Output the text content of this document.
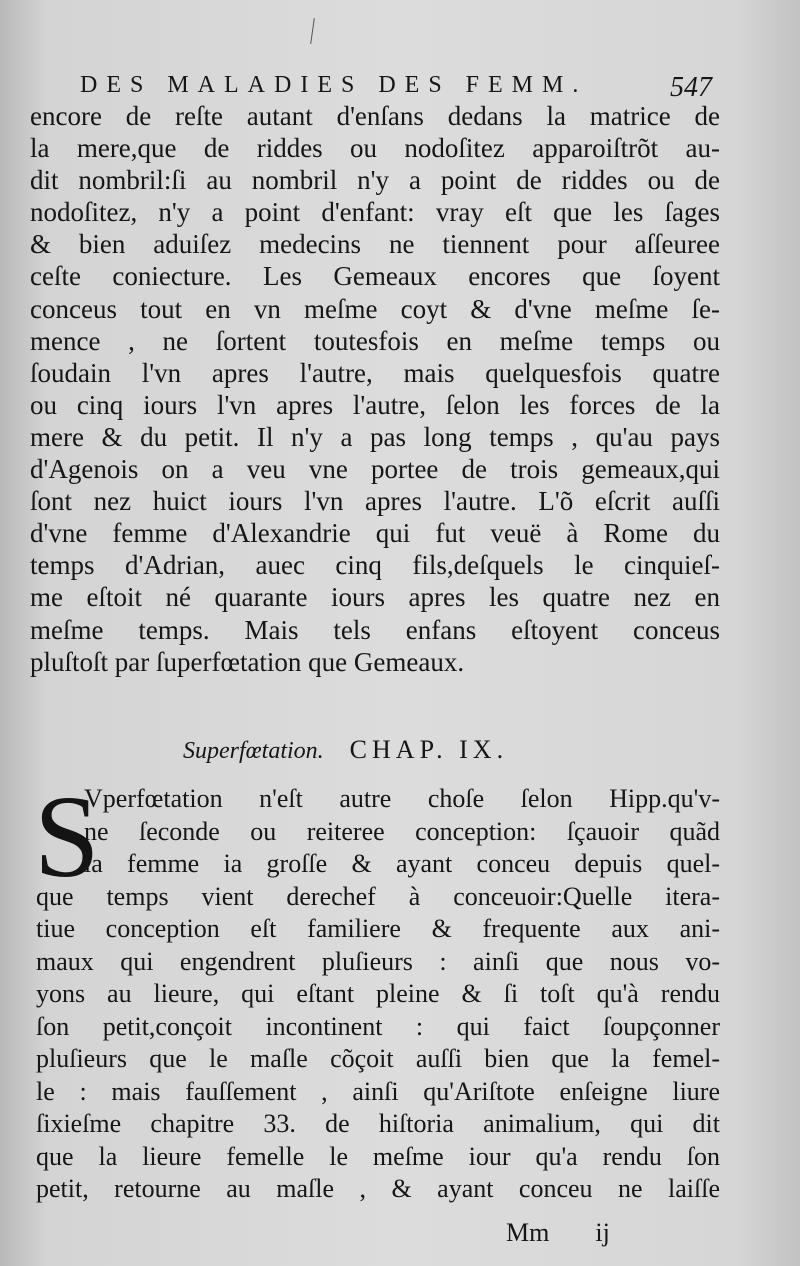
DES MALADIES DES FEMM.	547
encore de reſte autant d'enſans dedans la matrice de
la mere,que de riddes ou nodoſitez apparoiſtrõt au-
dit nombril:ſi au nombril n'y a point de riddes ou de
nodoſitez, n'y a point d'enfant: vray eſt que les ſages
& bien aduiſez medecins ne tiennent pour aſſeuree
ceſte coniecture. Les Gemeaux encores que ſoyent
conceus tout en vn meſme coyt & d'vne meſme ſe-
mence , ne ſortent toutesfois en meſme temps ou
ſoudain l'vn apres l'autre, mais quelquesfois quatre
ou cinq iours l'vn apres l'autre, ſelon les forces de la
mere & du petit. Il n'y a pas long temps , qu'au pays
d'Agenois on a veu vne portee de trois gemeaux,qui
ſont nez huict iours l'vn apres l'autre. L'õ eſcrit auſſi
d'vne femme d'Alexandrie qui fut veuë à Rome du
temps d'Adrian, auec cinq fils,deſquels le cinquieſ-
me eſtoit né quarante iours apres les quatre nez en
meſme temps. Mais tels enfans eſtoyent conceus
pluſtoſt par ſuperfœtation que Gemeaux.
Superfœtation. CHAP. IX.
S
Vperfœtation n'eſt autre choſe ſelon Hipp.qu'v-
ne ſeconde ou reiteree conception: ſçauoir quãd
la femme ia groſſe & ayant conceu depuis quel-
que temps vient derechef à conceuoir:Quelle itera-
tiue conception eſt familiere & frequente aux ani-
maux qui engendrent pluſieurs : ainſi que nous vo-
yons au lieure, qui eſtant pleine & ſi toſt qu'à rendu
ſon petit,conçoit incontinent : qui faict ſoupçonner
pluſieurs que le maſle cõçoit auſſi bien que la femel-
le : mais fauſſement , ainſi qu'Ariſtote enſeigne liure
ſixieſme chapitre 33. de hiſtoria animalium, qui dit
que la lieure femelle le meſme iour qu'a rendu ſon
petit, retourne au maſle , & ayant conceu ne laiſſe
Mm ij
